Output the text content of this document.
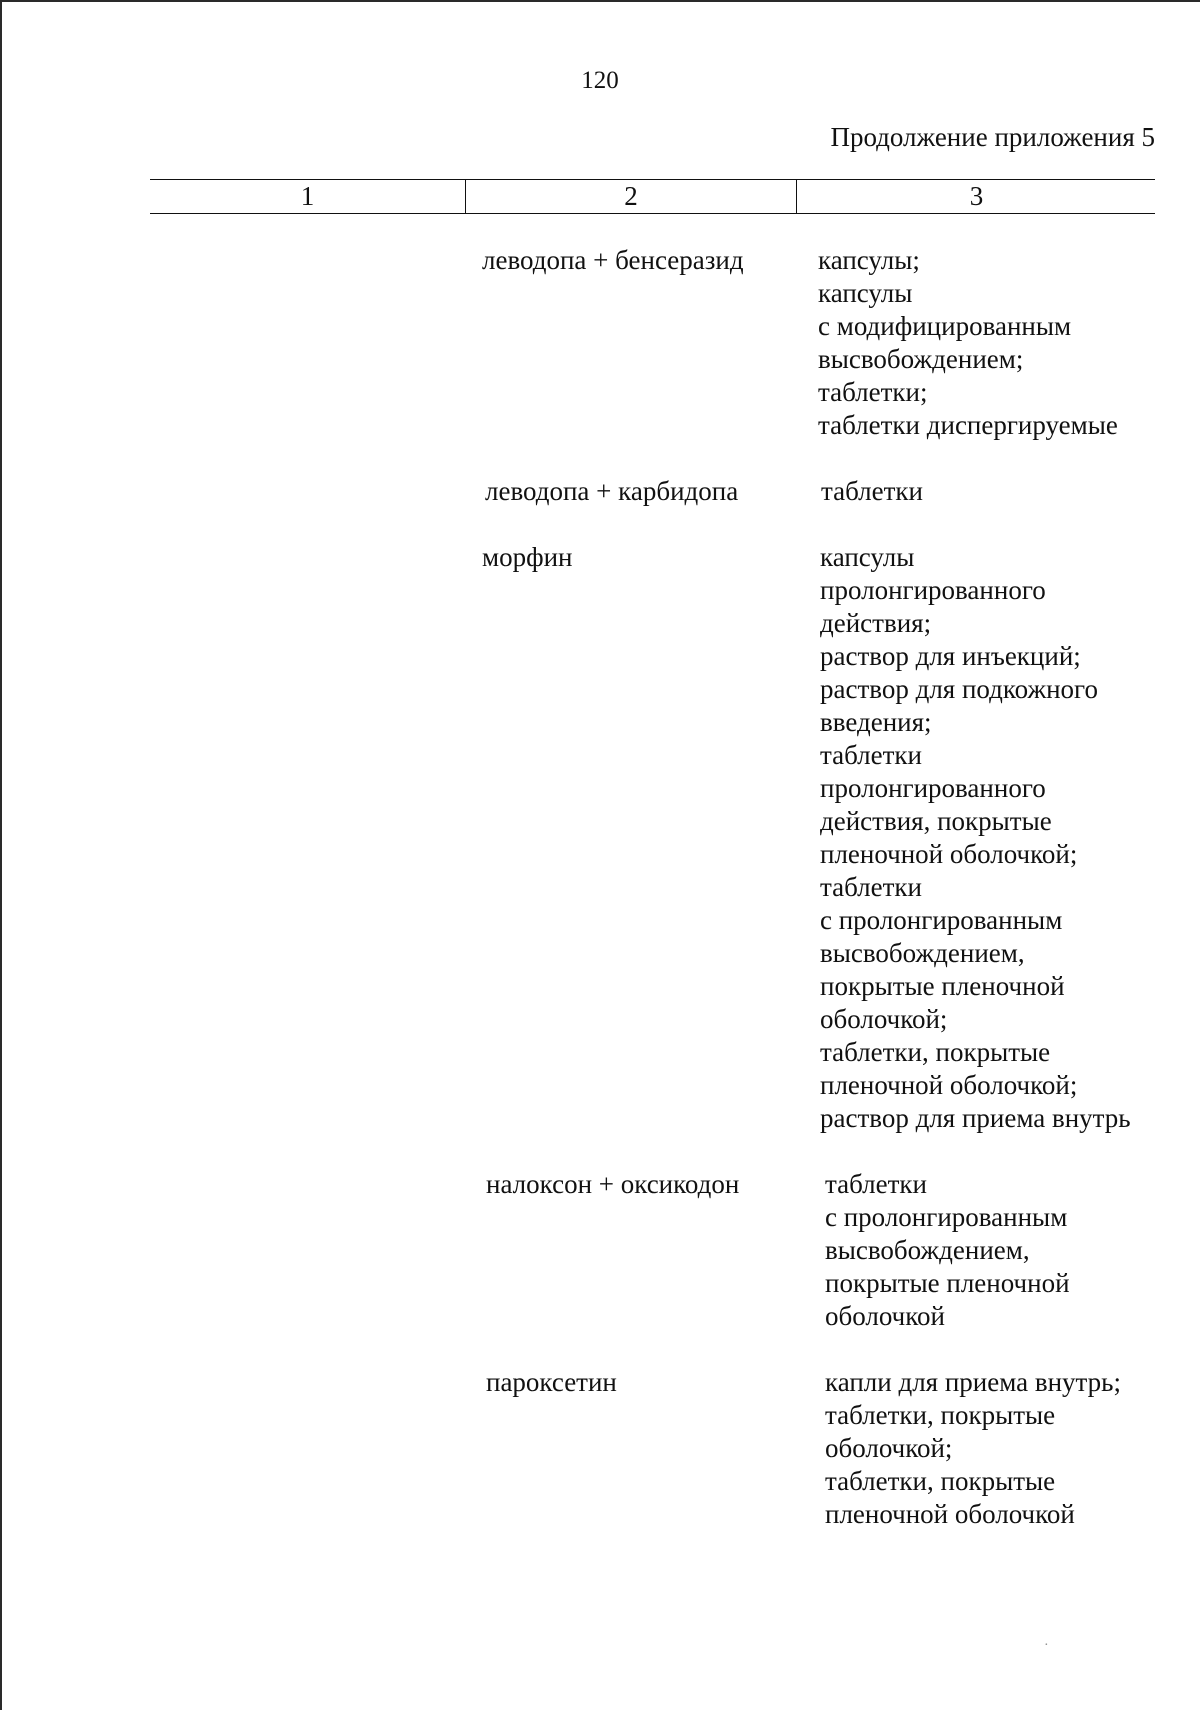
120
Продолжение приложения 5
1	2	3
леводопа + бенсеразид	капсулы;
капсулы
с модифицированным
высвобождением;
таблетки;
таблетки диспергируемые
леводопа + карбидопа	таблетки
морфин	капсулы
пролонгированного
действия;
раствор для инъекций;
раствор для подкожного
введения;
таблетки
пролонгированного
действия, покрытые
пленочной оболочкой;
таблетки
с пролонгированным
высвобождением,
покрытые пленочной
оболочкой;
таблетки, покрытые
пленочной оболочкой;
раствор для приема внутрь
налоксон + оксикодон	таблетки
с пролонгированным
высвобождением,
покрытые пленочной
оболочкой
пароксетин	капли для приема внутрь;
таблетки, покрытые
оболочкой;
таблетки, покрытые
пленочной оболочкой
·
